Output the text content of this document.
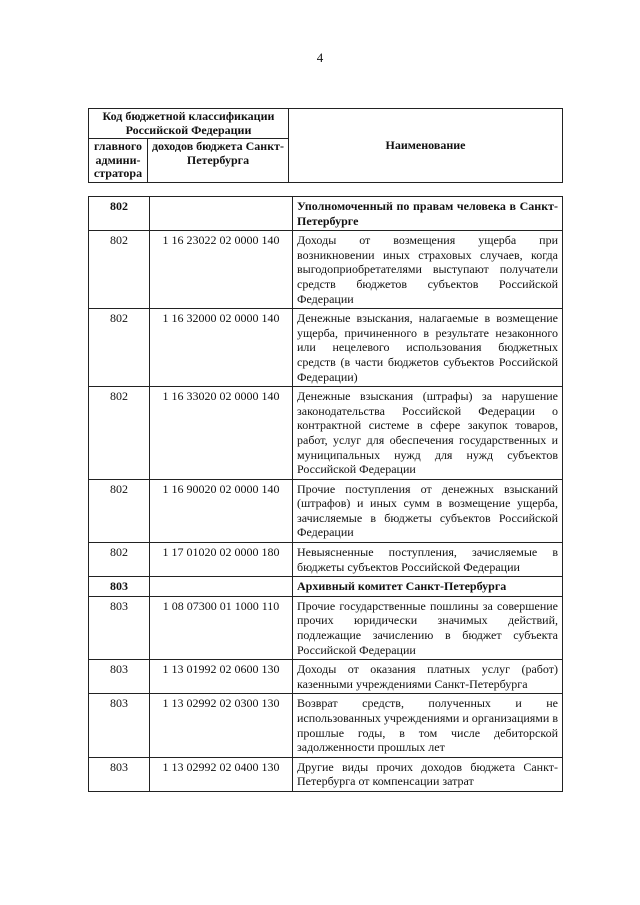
4
Код бюджетной классификации Российской Федерации		Наименование
главного админи-стратора	доходов бюджета Санкт-Петербурга	
802		Уполномоченный по правам человека в Санкт-Петербурге
802	1 16 23022 02 0000 140	Доходы от возмещения ущерба при возникновении иных страховых случаев, когда выгодоприобретателями выступают получатели средств бюджетов субъектов Российской Федерации
802	1 16 32000 02 0000 140	Денежные взыскания, налагаемые в возмещение ущерба, причиненного в результате незаконного или нецелевого использования бюджетных средств (в части бюджетов субъектов Российской Федерации)
802	1 16 33020 02 0000 140	Денежные взыскания (штрафы) за нарушение законодательства Российской Федерации о контрактной системе в сфере закупок товаров, работ, услуг для обеспечения государственных и муниципальных нужд для нужд субъектов Российской Федерации
802	1 16 90020 02 0000 140	Прочие поступления от денежных взысканий (штрафов) и иных сумм в возмещение ущерба, зачисляемые в бюджеты субъектов Российской Федерации
802	1 17 01020 02 0000 180	Невыясненные поступления, зачисляемые в бюджеты субъектов Российской Федерации
803		Архивный комитет Санкт-Петербурга
803	1 08 07300 01 1000 110	Прочие государственные пошлины за совершение прочих юридически значимых действий, подлежащие зачислению в бюджет субъекта Российской Федерации
803	1 13 01992 02 0600 130	Доходы от оказания платных услуг (работ) казенными учреждениями Санкт-Петербурга
803	1 13 02992 02 0300 130	Возврат средств, полученных и не использованных учреждениями и организациями в прошлые годы, в том числе дебиторской задолженности прошлых лет
803	1 13 02992 02 0400 130	Другие виды прочих доходов бюджета Санкт-Петербурга от компенсации затрат
